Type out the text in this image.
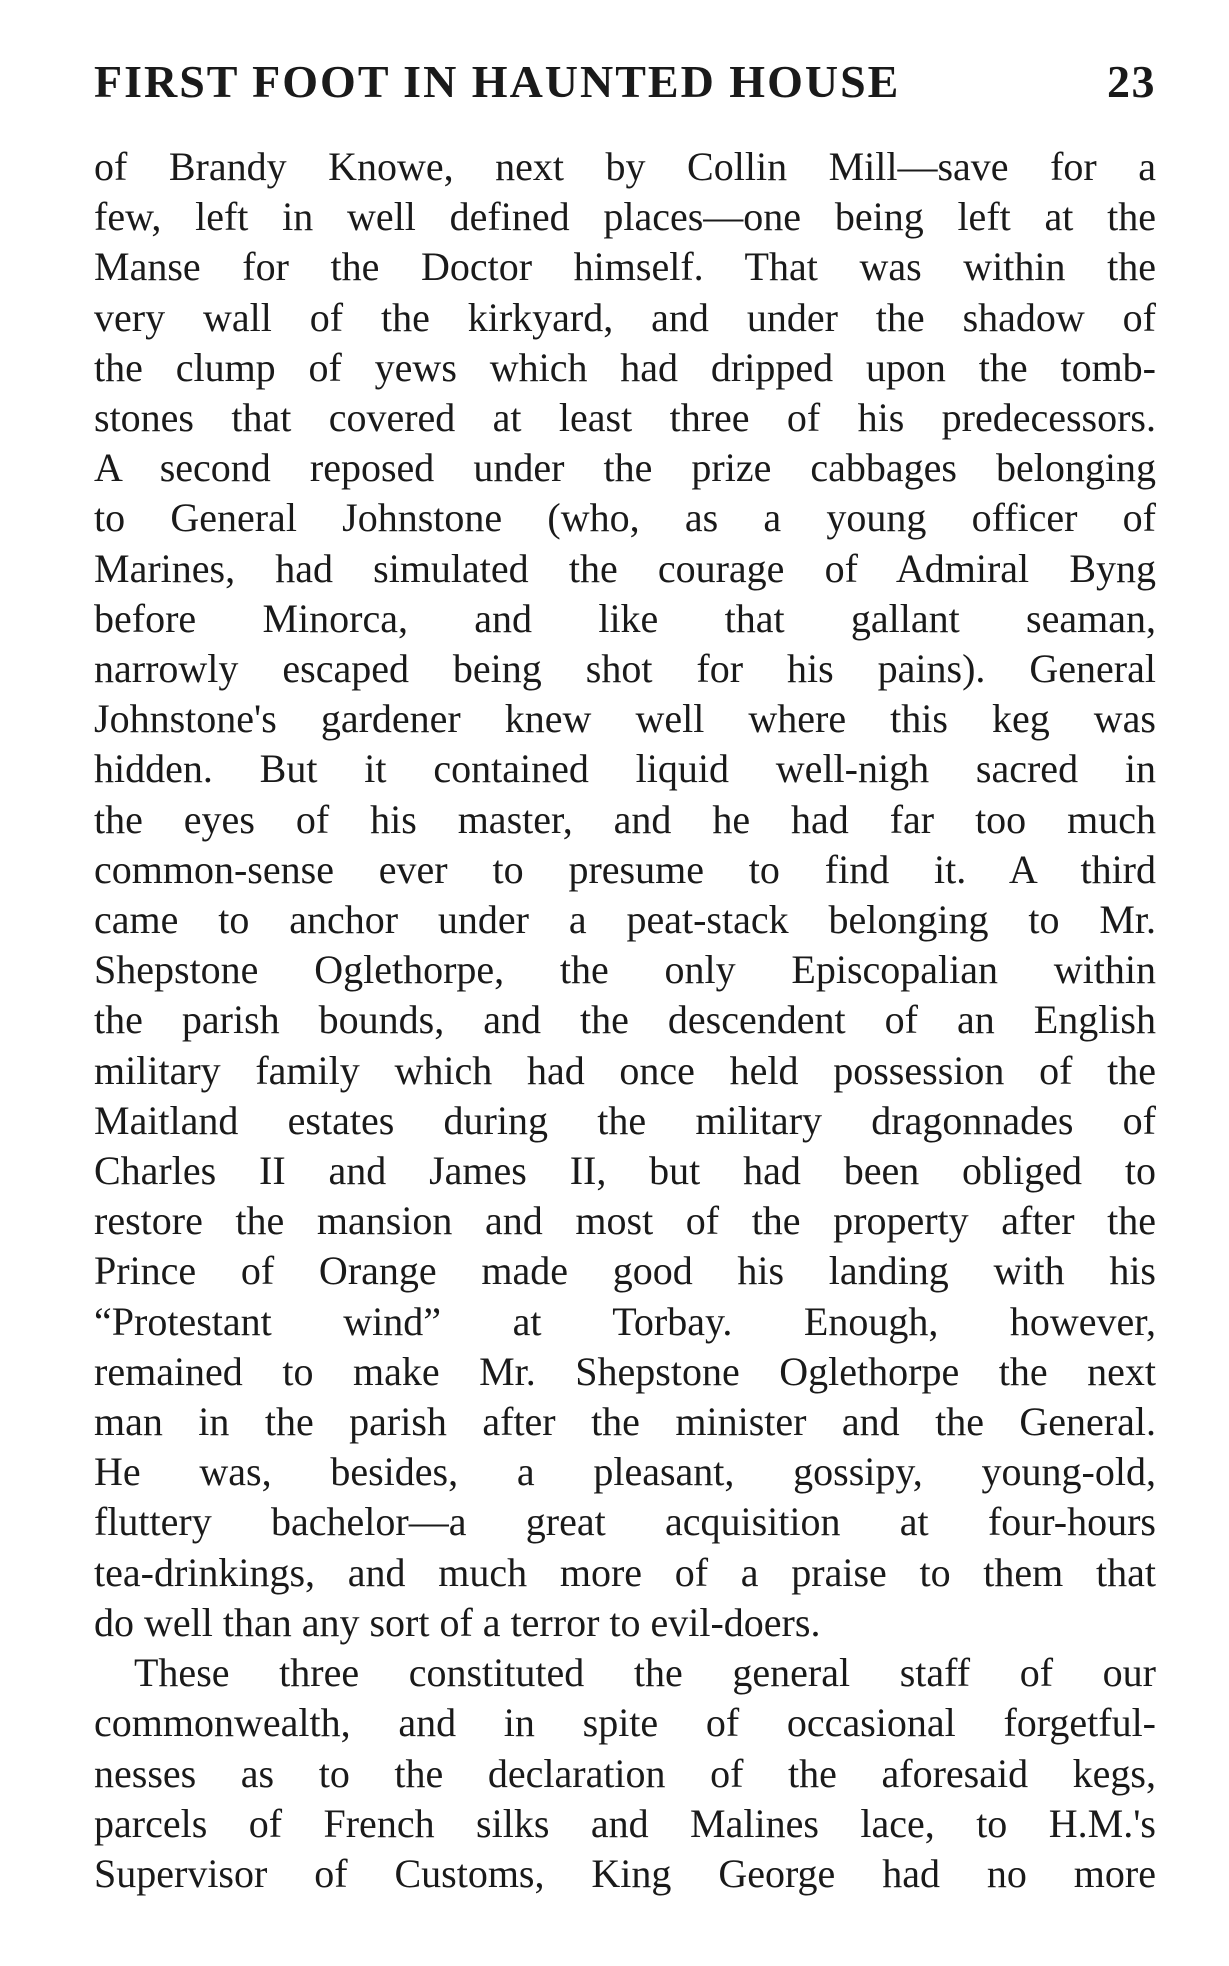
FIRST FOOT IN HAUNTED HOUSE	23
of Brandy Knowe, next by Collin Mill—save for a
few, left in well defined places—one being left at the
Manse for the Doctor himself. That was within the
very wall of the kirkyard, and under the shadow of
the clump of yews which had dripped upon the tomb-
stones that covered at least three of his predecessors.
A second reposed under the prize cabbages belonging
to General Johnstone (who, as a young officer of
Marines, had simulated the courage of Admiral Byng
before Minorca, and like that gallant seaman,
narrowly escaped being shot for his pains). General
Johnstone's gardener knew well where this keg was
hidden. But it contained liquid well-nigh sacred in
the eyes of his master, and he had far too much
common-sense ever to presume to find it. A third
came to anchor under a peat-stack belonging to Mr.
Shepstone Oglethorpe, the only Episcopalian within
the parish bounds, and the descendent of an English
military family which had once held possession of the
Maitland estates during the military dragonnades of
Charles II and James II, but had been obliged to
restore the mansion and most of the property after the
Prince of Orange made good his landing with his
“Protestant wind” at Torbay. Enough, however,
remained to make Mr. Shepstone Oglethorpe the next
man in the parish after the minister and the General.
He was, besides, a pleasant, gossipy, young-old,
fluttery bachelor—a great acquisition at four-hours
tea-drinkings, and much more of a praise to them that
do well than any sort of a terror to evil-doers.
These three constituted the general staff of our
commonwealth, and in spite of occasional forgetful-
nesses as to the declaration of the aforesaid kegs,
parcels of French silks and Malines lace, to H.M.'s
Supervisor of Customs, King George had no more
